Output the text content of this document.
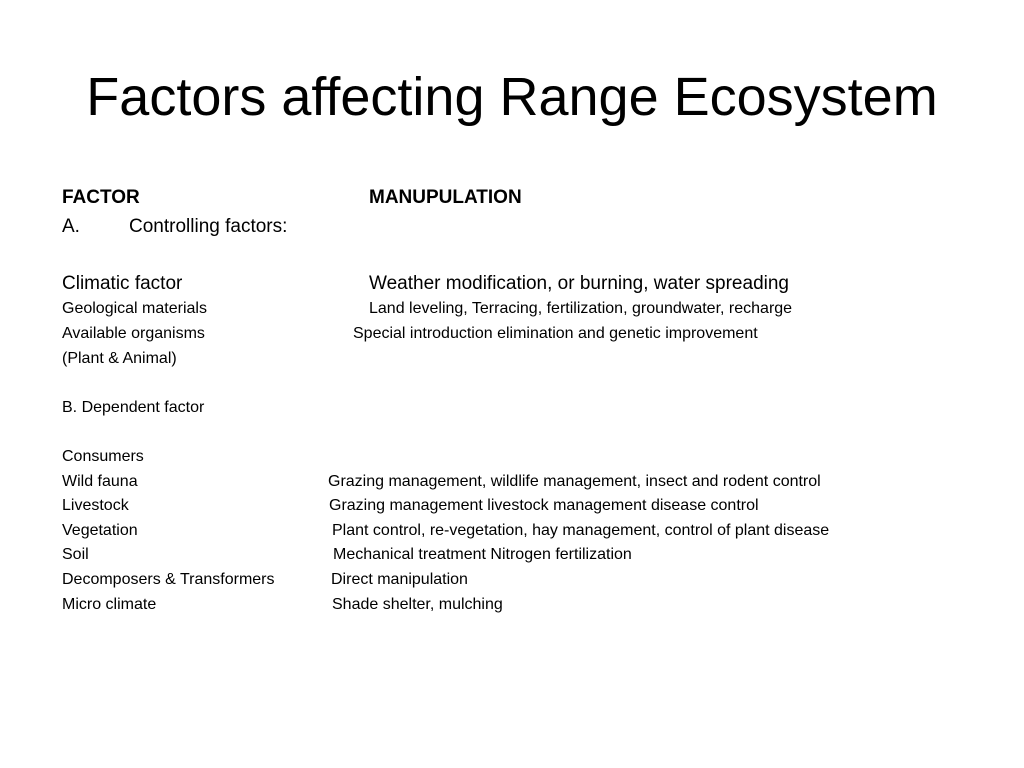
Factors affecting Range Ecosystem
FACTOR	MANUPULATION
A.	Controlling factors:
Climatic factor	Weather modification, or burning, water spreading
Geological materials	Land leveling, Terracing, fertilization, groundwater, recharge
Available organisms	Special introduction elimination and genetic improvement
(Plant & Animal)
B. Dependent factor
Consumers
Wild fauna	Grazing management, wildlife management, insect and rodent control
Livestock	Grazing management livestock management disease control
Vegetation	Plant control, re-vegetation, hay management, control of plant disease
Soil	Mechanical treatment Nitrogen fertilization
Decomposers & Transformers	Direct manipulation
Micro climate	Shade shelter, mulching
